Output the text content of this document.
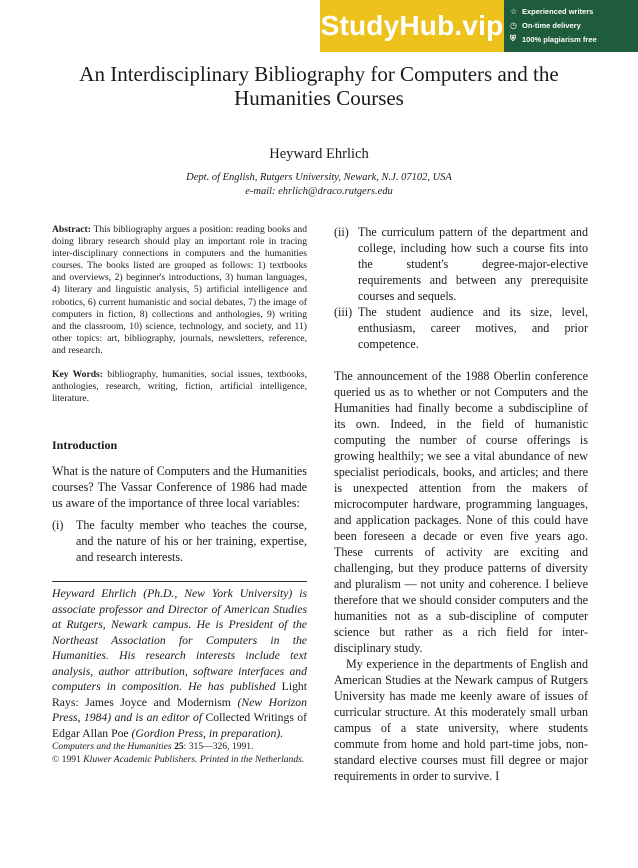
StudyHub.vip ☆ Experienced writers
◷ On-time delivery
⛨ 100% plagiarism free
An Interdisciplinary Bibliography for Computers and the
Humanities Courses
Heyward Ehrlich
Dept. of English, Rutgers University, Newark, N.J. 07102, USA
e-mail: ehrlich@draco.rutgers.edu

Abstract: This bibliography argues a position: reading books and doing library research should play an important role in tracing inter-disciplinary connections in computers and the humanities courses. The books listed are grouped as follows: 1) textbooks and overviews, 2) beginner's introductions, 3) human languages, 4) literary and linguistic analysis, 5) artificial intelligence and robotics, 6) current humanistic and social debates, 7) the image of computers in fiction, 8) collections and anthologies, 9) writing and the classroom, 10) science, technology, and society, and 11) other topics: art, bibliography, journals, newsletters, reference, and research.

Key Words: bibliography, humanities, social issues, textbooks, anthologies, research, writing, fiction, artificial intelligence, literature.

Introduction

What is the nature of Computers and the Humanities courses? The Vassar Conference of 1986 had made us aware of the importance of three local variables:

(i)	The faculty member who teaches the course, and the nature of his or her training, expertise, and research interests.

Heyward Ehrlich (Ph.D., New York University) is associate professor and Director of American Studies at Rutgers, Newark campus. He is President of the Northeast Association for Computers in the Humanities. His research interests include text analysis, author attribution, software interfaces and computers in composition. He has published Light Rays: James Joyce and Modernism (New Horizon Press, 1984) and is an editor of Collected Writings of Edgar Allan Poe (Gordion Press, in preparation).

Computers and the Humanities 25: 315—326, 1991.
© 1991 Kluwer Academic Publishers. Printed in the Netherlands.
(ii) The curriculum pattern of the department and college, including how such a course fits into the student's degree-major-elective requirements and between any prerequisite courses and sequels.
(iii) The student audience and its size, level, enthusiasm, career motives, and prior competence.

The announcement of the 1988 Oberlin conference queried us as to whether or not Computers and the Humanities had finally become a subdiscipline of its own. Indeed, in the field of humanistic computing the number of course offerings is growing healthily; we see a vital abundance of new specialist periodicals, books, and articles; and there is unexpected attention from the makers of microcomputer hardware, programming languages, and application packages. None of this could have been foreseen a decade or even five years ago. These currents of activity are exciting and challenging, but they produce patterns of diversity and pluralism — not unity and coherence. I believe therefore that we should consider computers and the humanities not as a sub-discipline of computer science but rather as a rich field for inter-disciplinary study.

My experience in the departments of English and American Studies at the Newark campus of Rutgers University has made me keenly aware of issues of curricular structure. At this moderately small urban campus of a state university, where students commute from home and hold part-time jobs, non-standard elective courses must fill degree or major requirements in order to survive. I
